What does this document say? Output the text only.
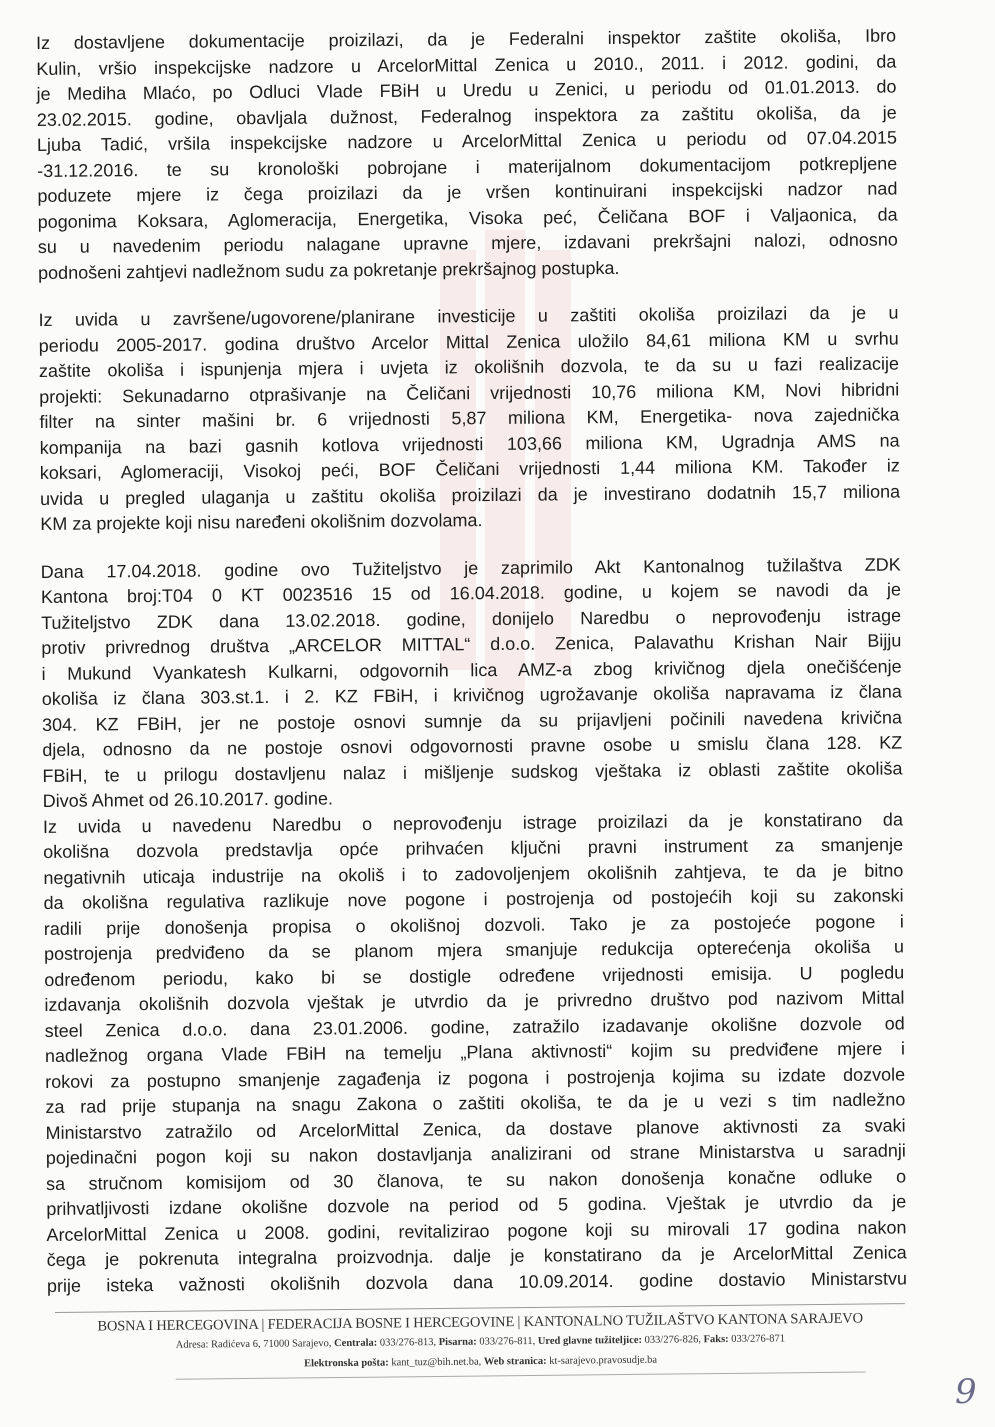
Iz dostavljene dokumentacije proizilazi, da je Federalni inspektor zaštite okoliša, Ibro
Kulin, vršio inspekcijske nadzore u ArcelorMittal Zenica u 2010., 2011. i 2012. godini, da
je Mediha Mlaćo, po Odluci Vlade FBiH u Uredu u Zenici, u periodu od 01.01.2013. do
23.02.2015. godine, obavljala dužnost, Federalnog inspektora za zaštitu okoliša, da je
Ljuba Tadić, vršila inspekcijske nadzore u ArcelorMittal Zenica u periodu od 07.04.2015
-31.12.2016. te su kronološki pobrojane i materijalnom dokumentacijom potkrepljene
poduzete mjere iz čega proizilazi da je vršen kontinuirani inspekcijski nadzor nad
pogonima Koksara, Aglomeracija, Energetika, Visoka peć, Čeličana BOF i Valjaonica, da
su u navedenim periodu nalagane upravne mjere, izdavani prekršajni nalozi, odnosno
podnošeni zahtjevi nadležnom sudu za pokretanje prekršajnog postupka.
Iz uvida u završene/ugovorene/planirane investicije u zaštiti okoliša proizilazi da je u
periodu 2005-2017. godina društvo Arcelor Mittal Zenica uložilo 84,61 miliona KM u svrhu
zaštite okoliša i ispunjenja mjera i uvjeta iz okolišnih dozvola, te da su u fazi realizacije
projekti: Sekunadarno otprašivanje na Čeličani vrijednosti 10,76 miliona KM, Novi hibridni
filter na sinter mašini br. 6 vrijednosti 5,87 miliona KM, Energetika- nova zajednička
kompanija na bazi gasnih kotlova vrijednosti 103,66 miliona KM, Ugradnja AMS na
koksari, Aglomeraciji, Visokoj peći, BOF Čeličani vrijednosti 1,44 miliona KM. Također iz
uvida u pregled ulaganja u zaštitu okoliša proizilazi da je investirano dodatnih 15,7 miliona
KM za projekte koji nisu naređeni okolišnim dozvolama.
Dana 17.04.2018. godine ovo Tužiteljstvo je zaprimilo Akt Kantonalnog tužilaštva ZDK
Kantona broj:T04 0 KT 0023516 15 od 16.04.2018. godine, u kojem se navodi da je
Tužiteljstvo ZDK dana 13.02.2018. godine, donijelo Naredbu o neprovođenju istrage
protiv privrednog društva „ARCELOR MITTAL“ d.o.o. Zenica, Palavathu Krishan Nair Bijju
i Mukund Vyankatesh Kulkarni, odgovornih lica AMZ-a zbog krivičnog djela onečišćenje
okoliša iz člana 303.st.1. i 2. KZ FBiH, i krivičnog ugrožavanje okoliša napravama iz člana
304. KZ FBiH, jer ne postoje osnovi sumnje da su prijavljeni počinili navedena krivična
djela, odnosno da ne postoje osnovi odgovornosti pravne osobe u smislu člana 128. KZ
FBiH, te u prilogu dostavljenu nalaz i mišljenje sudskog vještaka iz oblasti zaštite okoliša
Divoš Ahmet od 26.10.2017. godine.
Iz uvida u navedenu Naredbu o neprovođenju istrage proizilazi da je konstatirano da
okolišna dozvola predstavlja opće prihvaćen ključni pravni instrument za smanjenje
negativnih uticaja industrije na okoliš i to zadovoljenjem okolišnih zahtjeva, te da je bitno
da okolišna regulativa razlikuje nove pogone i postrojenja od postojećih koji su zakonski
radili prije donošenja propisa o okolišnoj dozvoli. Tako je za postojeće pogone i
postrojenja predviđeno da se planom mjera smanjuje redukcija opterećenja okoliša u
određenom periodu, kako bi se dostigle određene vrijednosti emisija. U pogledu
izdavanja okolišnih dozvola vještak je utvrdio da je privredno društvo pod nazivom Mittal
steel Zenica d.o.o. dana 23.01.2006. godine, zatražilo izadavanje okolišne dozvole od
nadležnog organa Vlade FBiH na temelju „Plana aktivnosti“ kojim su predviđene mjere i
rokovi za postupno smanjenje zagađenja iz pogona i postrojenja kojima su izdate dozvole
za rad prije stupanja na snagu Zakona o zaštiti okoliša, te da je u vezi s tim nadležno
Ministarstvo zatražilo od ArcelorMittal Zenica, da dostave planove aktivnosti za svaki
pojedinačni pogon koji su nakon dostavljanja analizirani od strane Ministarstva u saradnji
sa stručnom komisijom od 30 članova, te su nakon donošenja konačne odluke o
prihvatljivosti izdane okolišne dozvole na period od 5 godina. Vještak je utvrdio da je
ArcelorMittal Zenica u 2008. godini, revitalizirao pogone koji su mirovali 17 godina nakon
čega je pokrenuta integralna proizvodnja. dalje je konstatirano da je ArcelorMittal Zenica
prije isteka važnosti okolišnih dozvola dana 10.09.2014. godine dostavio Ministarstvu
BOSNA I HERCEGOVINA | FEDERACIJA BOSNE I HERCEGOVINE | KANTONALNO TUŽILAŠTVO KANTONA SARAJEVO
Adresa: Radićeva 6, 71000 Sarajevo, Centrala: 033/276-813, Pisarna: 033/276-811, Ured glavne tužiteljice: 033/276-826, Faks: 033/276-871
Elektronska pošta: kant_tuz@bih.net.ba, Web stranica: kt-sarajevo.pravosudje.ba
9
